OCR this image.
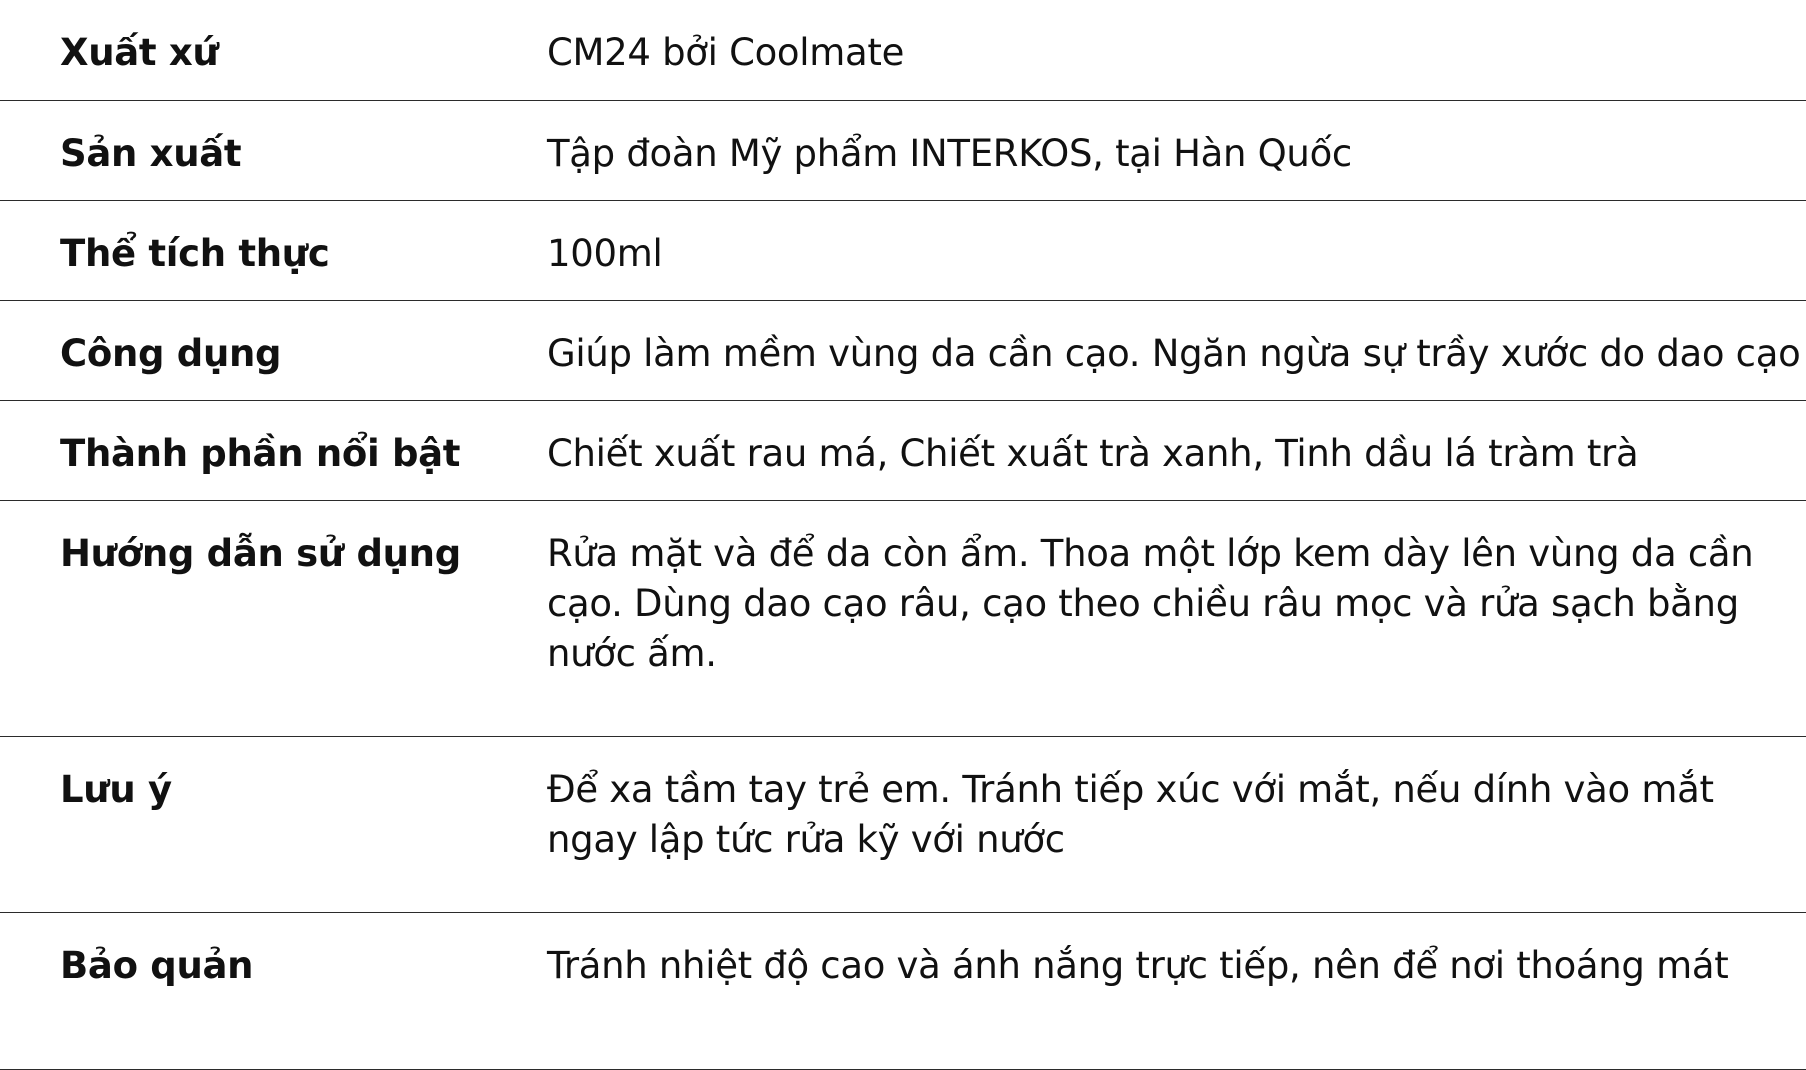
Xuất xứ	CM24 bởi Coolmate
Sản xuất	Tập đoàn Mỹ phẩm INTERKOS, tại Hàn Quốc
Thể tích thực	100ml
Công dụng	Giúp làm mềm vùng da cần cạo. Ngăn ngừa sự trầy xước do dao cạo
Thành phần nổi bật	Chiết xuất rau má, Chiết xuất trà xanh, Tinh dầu lá tràm trà
Hướng dẫn sử dụng	Rửa mặt và để da còn ẩm. Thoa một lớp kem dày lên vùng da cần cạo. Dùng dao cạo râu, cạo theo chiều râu mọc và rửa sạch bằng nước ấm.
Lưu ý	Để xa tầm tay trẻ em. Tránh tiếp xúc với mắt, nếu dính vào mắt ngay lập tức rửa kỹ với nước
Bảo quản	Tránh nhiệt độ cao và ánh nắng trực tiếp, nên để nơi thoáng mát
